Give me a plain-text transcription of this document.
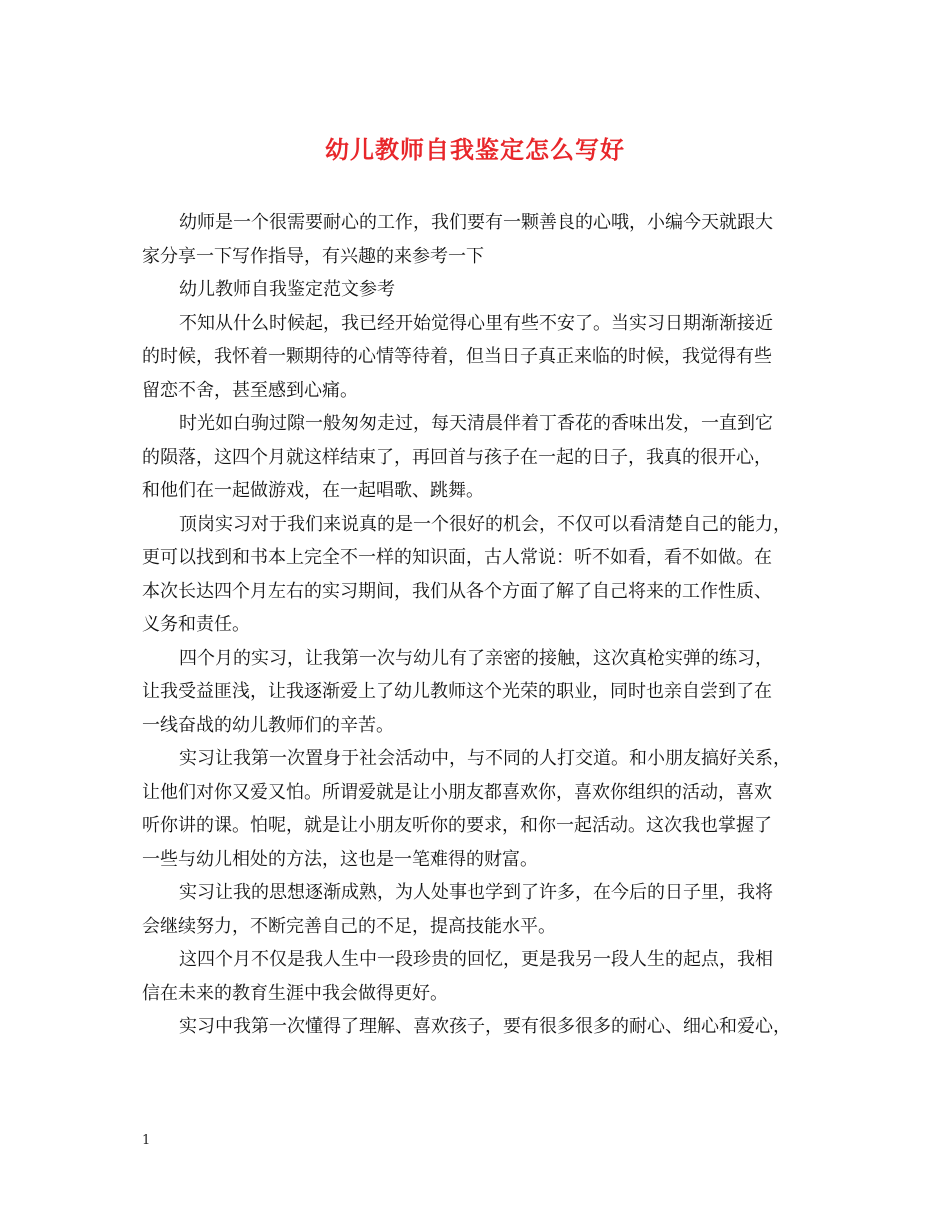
幼儿教师自我鉴定怎么写好
幼师是一个很需要耐心的工作，我们要有一颗善良的心哦，小编今天就跟大
家分享一下写作指导，有兴趣的来参考一下
幼儿教师自我鉴定范文参考
不知从什么时候起，我已经开始觉得心里有些不安了。当实习日期渐渐接近
的时候，我怀着一颗期待的心情等待着，但当日子真正来临的时候，我觉得有些
留恋不舍，甚至感到心痛。
时光如白驹过隙一般匆匆走过，每天清晨伴着丁香花的香味出发，一直到它
的陨落，这四个月就这样结束了，再回首与孩子在一起的日子，我真的很开心，
和他们在一起做游戏，在一起唱歌、跳舞。
顶岗实习对于我们来说真的是一个很好的机会，不仅可以看清楚自己的能力，
更可以找到和书本上完全不一样的知识面，古人常说：听不如看，看不如做。在
本次长达四个月左右的实习期间，我们从各个方面了解了自己将来的工作性质、
义务和责任。
四个月的实习，让我第一次与幼儿有了亲密的接触，这次真枪实弹的练习，
让我受益匪浅，让我逐渐爱上了幼儿教师这个光荣的职业，同时也亲自尝到了在
一线奋战的幼儿教师们的辛苦。
实习让我第一次置身于社会活动中，与不同的人打交道。和小朋友搞好关系，
让他们对你又爱又怕。所谓爱就是让小朋友都喜欢你，喜欢你组织的活动，喜欢
听你讲的课。怕呢，就是让小朋友听你的要求，和你一起活动。这次我也掌握了
一些与幼儿相处的方法，这也是一笔难得的财富。
实习让我的思想逐渐成熟，为人处事也学到了许多，在今后的日子里，我将
会继续努力，不断完善自己的不足，提高技能水平。
这四个月不仅是我人生中一段珍贵的回忆，更是我另一段人生的起点，我相
信在未来的教育生涯中我会做得更好。
实习中我第一次懂得了理解、喜欢孩子，要有很多很多的耐心、细心和爱心，
1
